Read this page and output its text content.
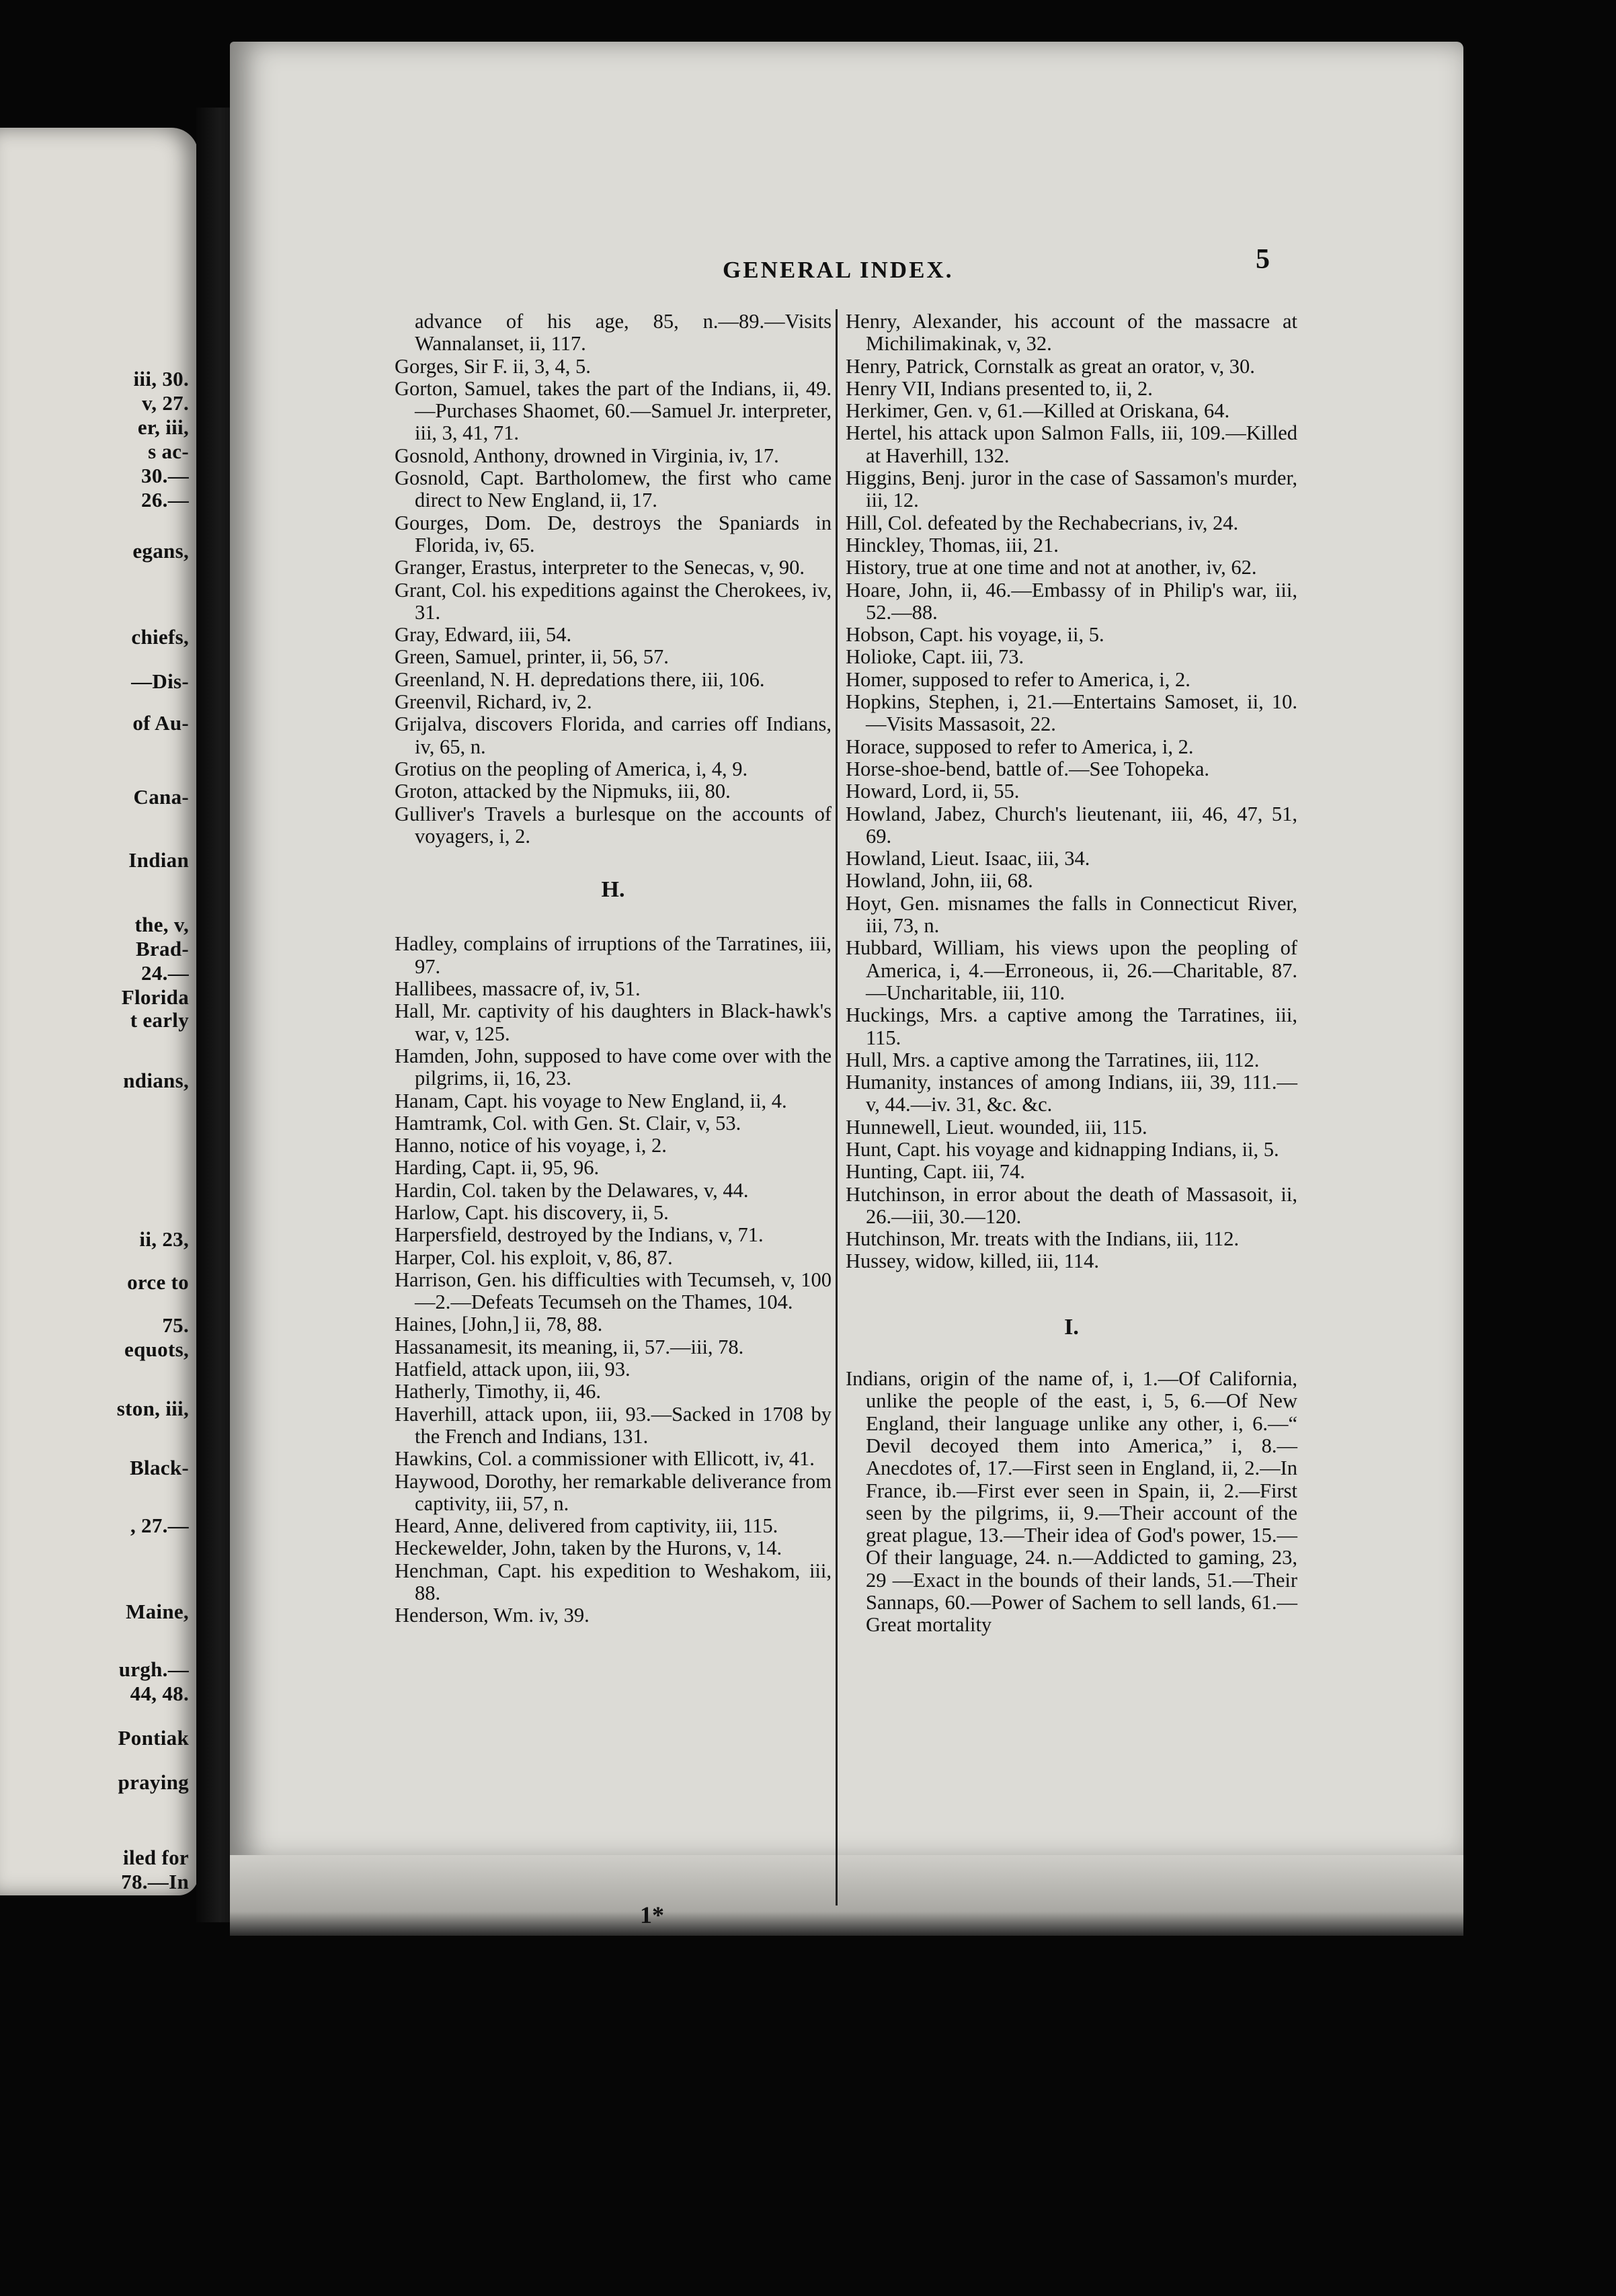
iii, 30.
v, 27.
er, iii,
s ac-
30.—
26.—
egans,
chiefs,
—Dis-
of Au-
Cana-
Indian
the, v,
Brad-
24.—
Florida
t early
ndians,
ii, 23,
orce to
75.
equots,
ston, iii,
Black-
, 27.—
Maine,
urgh.—
44, 48.
Pontiak
praying
iled for
78.—In
GENERAL INDEX.	5

advance of his age, 85, n.—89.—Visits Wannalanset, ii, 117.

Gorges, Sir F. ii, 3, 4, 5.

Gorton, Samuel, takes the part of the Indians, ii, 49.—Purchases Shaomet, 60.—Samuel Jr. interpreter, iii, 3, 41, 71.

Gosnold, Anthony, drowned in Virginia, iv, 17.

Gosnold, Capt. Bartholomew, the first who came direct to New England, ii, 17.

Gourges, Dom. De, destroys the Spaniards in Florida, iv, 65.

Granger, Erastus, interpreter to the Senecas, v, 90.

Grant, Col. his expeditions against the Cherokees, iv, 31.

Gray, Edward, iii, 54.

Green, Samuel, printer, ii, 56, 57.

Greenland, N. H. depredations there, iii, 106.

Greenvil, Richard, iv, 2.

Grijalva, discovers Florida, and carries off Indians, iv, 65, n.

Grotius on the peopling of America, i, 4, 9.

Groton, attacked by the Nipmuks, iii, 80.

Gulliver's Travels a burlesque on the accounts of voyagers, i, 2.

H.

Hadley, complains of irruptions of the Tarratines, iii, 97.

Hallibees, massacre of, iv, 51.

Hall, Mr. captivity of his daughters in Black-hawk's war, v, 125.

Hamden, John, supposed to have come over with the pilgrims, ii, 16, 23.

Hanam, Capt. his voyage to New England, ii, 4.

Hamtramk, Col. with Gen. St. Clair, v, 53.

Hanno, notice of his voyage, i, 2.

Harding, Capt. ii, 95, 96.

Hardin, Col. taken by the Delawares, v, 44.

Harlow, Capt. his discovery, ii, 5.

Harpersfield, destroyed by the Indians, v, 71.

Harper, Col. his exploit, v, 86, 87.

Harrison, Gen. his difficulties with Tecumseh, v, 100—2.—Defeats Tecumseh on the Thames, 104.

Haines, [John,] ii, 78, 88.

Hassanamesit, its meaning, ii, 57.—iii, 78.

Hatfield, attack upon, iii, 93.

Hatherly, Timothy, ii, 46.

Haverhill, attack upon, iii, 93.—Sacked in 1708 by the French and Indians, 131.

Hawkins, Col. a commissioner with Ellicott, iv, 41.

Haywood, Dorothy, her remarkable deliverance from captivity, iii, 57, n.

Heard, Anne, delivered from captivity, iii, 115.

Heckewelder, John, taken by the Hurons, v, 14.

Henchman, Capt. his expedition to Weshakom, iii, 88.

Henderson, Wm. iv, 39.

Henry, Alexander, his account of the massacre at Michilimakinak, v, 32.

Henry, Patrick, Cornstalk as great an orator, v, 30.

Henry VII, Indians presented to, ii, 2.

Herkimer, Gen. v, 61.—Killed at Oriskana, 64.

Hertel, his attack upon Salmon Falls, iii, 109.—Killed at Haverhill, 132.

Higgins, Benj. juror in the case of Sassamon's murder, iii, 12.

Hill, Col. defeated by the Rechabecrians, iv, 24.

Hinckley, Thomas, iii, 21.

History, true at one time and not at another, iv, 62.

Hoare, John, ii, 46.—Embassy of in Philip's war, iii, 52.—88.

Hobson, Capt. his voyage, ii, 5.

Holioke, Capt. iii, 73.

Homer, supposed to refer to America, i, 2.

Hopkins, Stephen, i, 21.—Entertains Samoset, ii, 10.—Visits Massasoit, 22.

Horace, supposed to refer to America, i, 2.

Horse-shoe-bend, battle of.—See Tohopeka.

Howard, Lord, ii, 55.

Howland, Jabez, Church's lieutenant, iii, 46, 47, 51, 69.

Howland, Lieut. Isaac, iii, 34.

Howland, John, iii, 68.

Hoyt, Gen. misnames the falls in Connecticut River, iii, 73, n.

Hubbard, William, his views upon the peopling of America, i, 4.—Erroneous, ii, 26.—Charitable, 87.—Uncharitable, iii, 110.

Huckings, Mrs. a captive among the Tarratines, iii, 115.

Hull, Mrs. a captive among the Tarratines, iii, 112.

Humanity, instances of among Indians, iii, 39, 111.—v, 44.—iv. 31, &c. &c.

Hunnewell, Lieut. wounded, iii, 115.

Hunt, Capt. his voyage and kidnapping Indians, ii, 5.

Hunting, Capt. iii, 74.

Hutchinson, in error about the death of Massasoit, ii, 26.—iii, 30.—120.

Hutchinson, Mr. treats with the Indians, iii, 112.

Hussey, widow, killed, iii, 114.

I.

Indians, origin of the name of, i, 1.—Of California, unlike the people of the east, i, 5, 6.—Of New England, their language unlike any other, i, 6.—“ Devil decoyed them into America,” i, 8.—Anecdotes of, 17.—First seen in England, ii, 2.—In France, ib.—First ever seen in Spain, ii, 2.—First seen by the pilgrims, ii, 9.—Their account of the great plague, 13.—Their idea of God's power, 15.—Of their language, 24. n.—Addicted to gaming, 23, 29 —Exact in the bounds of their lands, 51.—Their Sannaps, 60.—Power of Sachem to sell lands, 61.—Great mortality

1*
